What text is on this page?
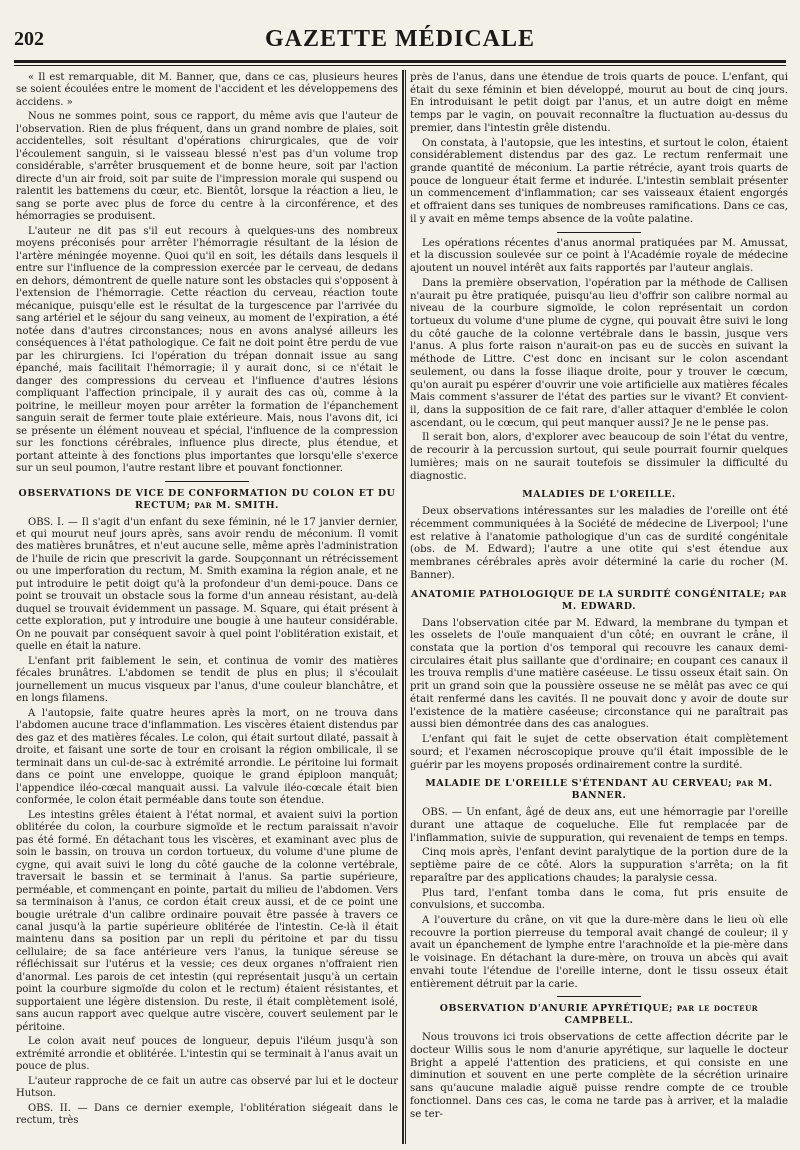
202	GAZETTE MÉDICALE

« Il est remarquable, dit M. Banner, que, dans ce cas, plusieurs heures se soient écoulées entre le moment de l'accident et les développemens des accidens. »

Nous ne sommes point, sous ce rapport, du même avis que l'auteur de l'observation. Rien de plus fréquent, dans un grand nombre de plaies, soit accidentelles, soit résultant d'opérations chirurgicales, que de voir l'écoulement sanguin, si le vaisseau blessé n'est pas d'un volume trop considérable, s'arrêter brusquement et de bonne heure, soit par l'action directe d'un air froid, soit par suite de l'impression morale qui suspend ou ralentit les battemens du cœur, etc. Bientôt, lorsque la réaction a lieu, le sang se porte avec plus de force du centre à la circonférence, et des hémorragies se produisent.

L'auteur ne dit pas s'il eut recours à quelques-uns des nombreux moyens préconisés pour arrêter l'hémorragie résultant de la lésion de l'artère méningée moyenne. Quoi qu'il en soit, les détails dans lesquels il entre sur l'influence de la compression exercée par le cerveau, de dedans en dehors, démontrent de quelle nature sont les obstacles qui s'opposent à l'extension de l'hémorragie. Cette réaction du cerveau, réaction toute mécanique, puisqu'elle est le résultat de la turgescence par l'arrivée du sang artériel et le séjour du sang veineux, au moment de l'expiration, a été notée dans d'autres circonstances; nous en avons analysé ailleurs les conséquences à l'état pathologique. Ce fait ne doit point être perdu de vue par les chirurgiens. Ici l'opération du trépan donnait issue au sang épanché, mais facilitait l'hémorragie; il y aurait donc, si ce n'était le danger des compressions du cerveau et l'influence d'autres lésions compliquant l'affection principale, il y aurait des cas où, comme à la poitrine, le meilleur moyen pour arrêter la formation de l'épanchement sanguin serait de fermer toute plaie extérieure. Mais, nous l'avons dit, ici se présente un élément nouveau et spécial, l'influence de la compression sur les fonctions cérébrales, influence plus directe, plus étendue, et portant atteinte à des fonctions plus importantes que lorsqu'elle s'exerce sur un seul poumon, l'autre restant libre et pouvant fonctionner.

OBSERVATIONS DE VICE DE CONFORMATION DU COLON ET DU RECTUM; par M. SMITH.

OBS. I. — Il s'agit d'un enfant du sexe féminin, né le 17 janvier dernier, et qui mourut neuf jours après, sans avoir rendu de méconium. Il vomit des matières brunâtres, et n'eut aucune selle, même après l'administration de l'huile de ricin que prescrivit la garde. Soupçonnant un rétrécissement ou une imperforation du rectum, M. Smith examina la région anale, et ne put introduire le petit doigt qu'à la profondeur d'un demi-pouce. Dans ce point se trouvait un obstacle sous la forme d'un anneau résistant, au-delà duquel se trouvait évidemment un passage. M. Square, qui était présent à cette exploration, put y introduire une bougie à une hauteur considérable. On ne pouvait par conséquent savoir à quel point l'oblitération existait, et quelle en était la nature.

L'enfant prit faiblement le sein, et continua de vomir des matières fécales brunâtres. L'abdomen se tendit de plus en plus; il s'écoulait journellement un mucus visqueux par l'anus, d'une couleur blanchâtre, et en longs filamens.

A l'autopsie, faite quatre heures après la mort, on ne trouva dans l'abdomen aucune trace d'inflammation. Les viscères étaient distendus par des gaz et des matières fécales. Le colon, qui était surtout dilaté, passait à droite, et faisant une sorte de tour en croisant la région ombilicale, il se terminait dans un cul-de-sac à extrémité arrondie. Le péritoine lui formait dans ce point une enveloppe, quoique le grand épiploon manquât; l'appendice iléo-cœcal manquait aussi. La valvule iléo-cœcale était bien conformée, le colon était perméable dans toute son étendue.

Les intestins grêles étaient à l'état normal, et avaient suivi la portion oblitérée du colon, la courbure sigmoïde et le rectum paraissait n'avoir pas été formé. En détachant tous les viscères, et examinant avec plus de soin le bassin, on trouva un cordon tortueux, du volume d'une plume de cygne, qui avait suivi le long du côté gauche de la colonne vertébrale, traversait le bassin et se terminait à l'anus. Sa partie supérieure, perméable, et commençant en pointe, partait du milieu de l'abdomen. Vers sa terminaison à l'anus, ce cordon était creux aussi, et de ce point une bougie urétrale d'un calibre ordinaire pouvait être passée à travers ce canal jusqu'à la partie supérieure oblitérée de l'intestin. Ce-là il était maintenu dans sa position par un repli du péritoine et par du tissu cellulaire; de sa face antérieure vers l'anus, la tunique séreuse se réfléchissait sur l'utérus et la vessie; ces deux organes n'offraient rien d'anormal. Les parois de cet intestin (qui représentait jusqu'à un certain point la courbure sigmoïde du colon et le rectum) étaient résistantes, et supportaient une légère distension. Du reste, il était complètement isolé, sans aucun rapport avec quelque autre viscère, couvert seulement par le péritoine.

Le colon avait neuf pouces de longueur, depuis l'iléum jusqu'à son extrémité arrondie et oblitérée. L'intestin qui se terminait à l'anus avait un pouce de plus.

L'auteur rapproche de ce fait un autre cas observé par lui et le docteur Hutson.

OBS. II. — Dans ce dernier exemple, l'oblitération siégeait dans le rectum, très

près de l'anus, dans une étendue de trois quarts de pouce. L'enfant, qui était du sexe féminin et bien développé, mourut au bout de cinq jours. En introduisant le petit doigt par l'anus, et un autre doigt en même temps par le vagin, on pouvait reconnaître la fluctuation au-dessus du premier, dans l'intestin grêle distendu.

On constata, à l'autopsie, que les intestins, et surtout le colon, étaient considérablement distendus par des gaz. Le rectum renfermait une grande quantité de méconium. La partie rétrécie, ayant trois quarts de pouce de longueur était ferme et indurée. L'intestin semblait présenter un commencement d'inflammation; car ses vaisseaux étaient engorgés et offraient dans ses tuniques de nombreuses ramifications. Dans ce cas, il y avait en même temps absence de la voûte palatine.

Les opérations récentes d'anus anormal pratiquées par M. Amussat, et la discussion soulevée sur ce point à l'Académie royale de médecine ajoutent un nouvel intérêt aux faits rapportés par l'auteur anglais.

Dans la première observation, l'opération par la méthode de Callisen n'aurait pu être pratiquée, puisqu'au lieu d'offrir son calibre normal au niveau de la courbure sigmoïde, le colon représentait un cordon tortueux du volume d'une plume de cygne, qui pouvait être suivi le long du côté gauche de la colonne vertébrale dans le bassin, jusque vers l'anus. A plus forte raison n'aurait-on pas eu de succès en suivant la méthode de Littre. C'est donc en incisant sur le colon ascendant seulement, ou dans la fosse iliaque droite, pour y trouver le cœcum, qu'on aurait pu espérer d'ouvrir une voie artificielle aux matières fécales Mais comment s'assurer de l'état des parties sur le vivant? Et convient-il, dans la supposition de ce fait rare, d'aller attaquer d'emblée le colon ascendant, ou le cœcum, qui peut manquer aussi? Je ne le pense pas.

Il serait bon, alors, d'explorer avec beaucoup de soin l'état du ventre, de recourir à la percussion surtout, qui seule pourrait fournir quelques lumières; mais on ne saurait toutefois se dissimuler la difficulté du diagnostic.

MALADIES DE L'OREILLE.

Deux observations intéressantes sur les maladies de l'oreille ont été récemment communiquées à la Société de médecine de Liverpool; l'une est relative à l'anatomie pathologique d'un cas de surdité congénitale (obs. de M. Edward); l'autre a une otite qui s'est étendue aux membranes cérébrales après avoir déterminé la carie du rocher (M. Banner).

ANATOMIE PATHOLOGIQUE DE LA SURDITÉ CONGÉNITALE; par M. EDWARD.

Dans l'observation citée par M. Edward, la membrane du tympan et les osselets de l'ouïe manquaient d'un côté; en ouvrant le crâne, il constata que la portion d'os temporal qui recouvre les canaux demi-circulaires était plus saillante que d'ordinaire; en coupant ces canaux il les trouva remplis d'une matière caséeuse. Le tissu osseux était sain. On prit un grand soin que la poussière osseuse ne se mêlât pas avec ce qui était renfermé dans les cavités. Il ne pouvait donc y avoir de doute sur l'existence de la matière caséeuse; circonstance qui ne paraîtrait pas aussi bien démontrée dans des cas analogues.

L'enfant qui fait le sujet de cette observation était complètement sourd; et l'examen nécroscopique prouve qu'il était impossible de le guérir par les moyens proposés ordinairement contre la surdité.

MALADIE DE L'OREILLE S'ÉTENDANT AU CERVEAU; par M. BANNER.

OBS. — Un enfant, âgé de deux ans, eut une hémorragie par l'oreille durant une attaque de coqueluche. Elle fut remplacée par de l'inflammation, suivie de suppuration, qui revenaient de temps en temps.

Cinq mois après, l'enfant devint paralytique de la portion dure de la septième paire de ce côté. Alors la suppuration s'arrêta; on la fit reparaître par des applications chaudes; la paralysie cessa.

Plus tard, l'enfant tomba dans le coma, fut pris ensuite de convulsions, et succomba.

A l'ouverture du crâne, on vit que la dure-mère dans le lieu où elle recouvre la portion pierreuse du temporal avait changé de couleur; il y avait un épanchement de lymphe entre l'arachnoïde et la pie-mère dans le voisinage. En détachant la dure-mère, on trouva un abcès qui avait envahi toute l'étendue de l'oreille interne, dont le tissu osseux était entièrement détruit par la carie.

OBSERVATION D'ANURIE APYRÉTIQUE; par le docteur CAMPBELL.

Nous trouvons ici trois observations de cette affection décrite par le docteur Willis sous le nom d'anurie apyrétique, sur laquelle le docteur Bright a appelé l'attention des praticiens, et qui consiste en une diminution et souvent en une perte complète de la sécrétion urinaire sans qu'aucune maladie aiguë puisse rendre compte de ce trouble fonctionnel. Dans ces cas, le coma ne tarde pas à arriver, et la maladie se ter-
